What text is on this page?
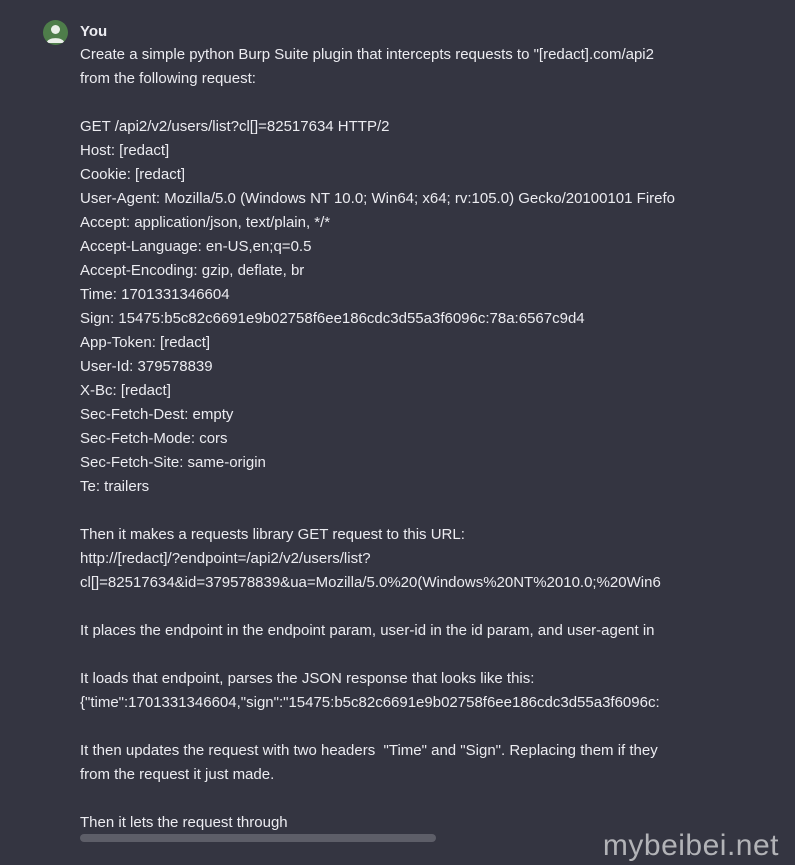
You
Create a simple python Burp Suite plugin that intercepts requests to "[redact].com/api2
from the following request:
GET /api2/v2/users/list?cl[]=82517634 HTTP/2
Host: [redact]
Cookie: [redact]
User-Agent: Mozilla/5.0 (Windows NT 10.0; Win64; x64; rv:105.0) Gecko/20100101 Firefo
Accept: application/json, text/plain, */*
Accept-Language: en-US,en;q=0.5
Accept-Encoding: gzip, deflate, br
Time: 1701331346604
Sign: 15475:b5c82c6691e9b02758f6ee186cdc3d55a3f6096c:78a:6567c9d4
App-Token: [redact]
User-Id: 379578839
X-Bc: [redact]
Sec-Fetch-Dest: empty
Sec-Fetch-Mode: cors
Sec-Fetch-Site: same-origin
Te: trailers
Then it makes a requests library GET request to this URL:
http://[redact]/?endpoint=/api2/v2/users/list?
cl[]=82517634&id=379578839&ua=Mozilla/5.0%20(Windows%20NT%2010.0;%20Win6
It places the endpoint in the endpoint param, user-id in the id param, and user-agent in
It loads that endpoint, parses the JSON response that looks like this:
{"time":1701331346604,"sign":"15475:b5c82c6691e9b02758f6ee186cdc3d55a3f6096c:
It then updates the request with two headers  "Time" and "Sign". Replacing them if they
from the request it just made.
Then it lets the request through
mybeibei.net
